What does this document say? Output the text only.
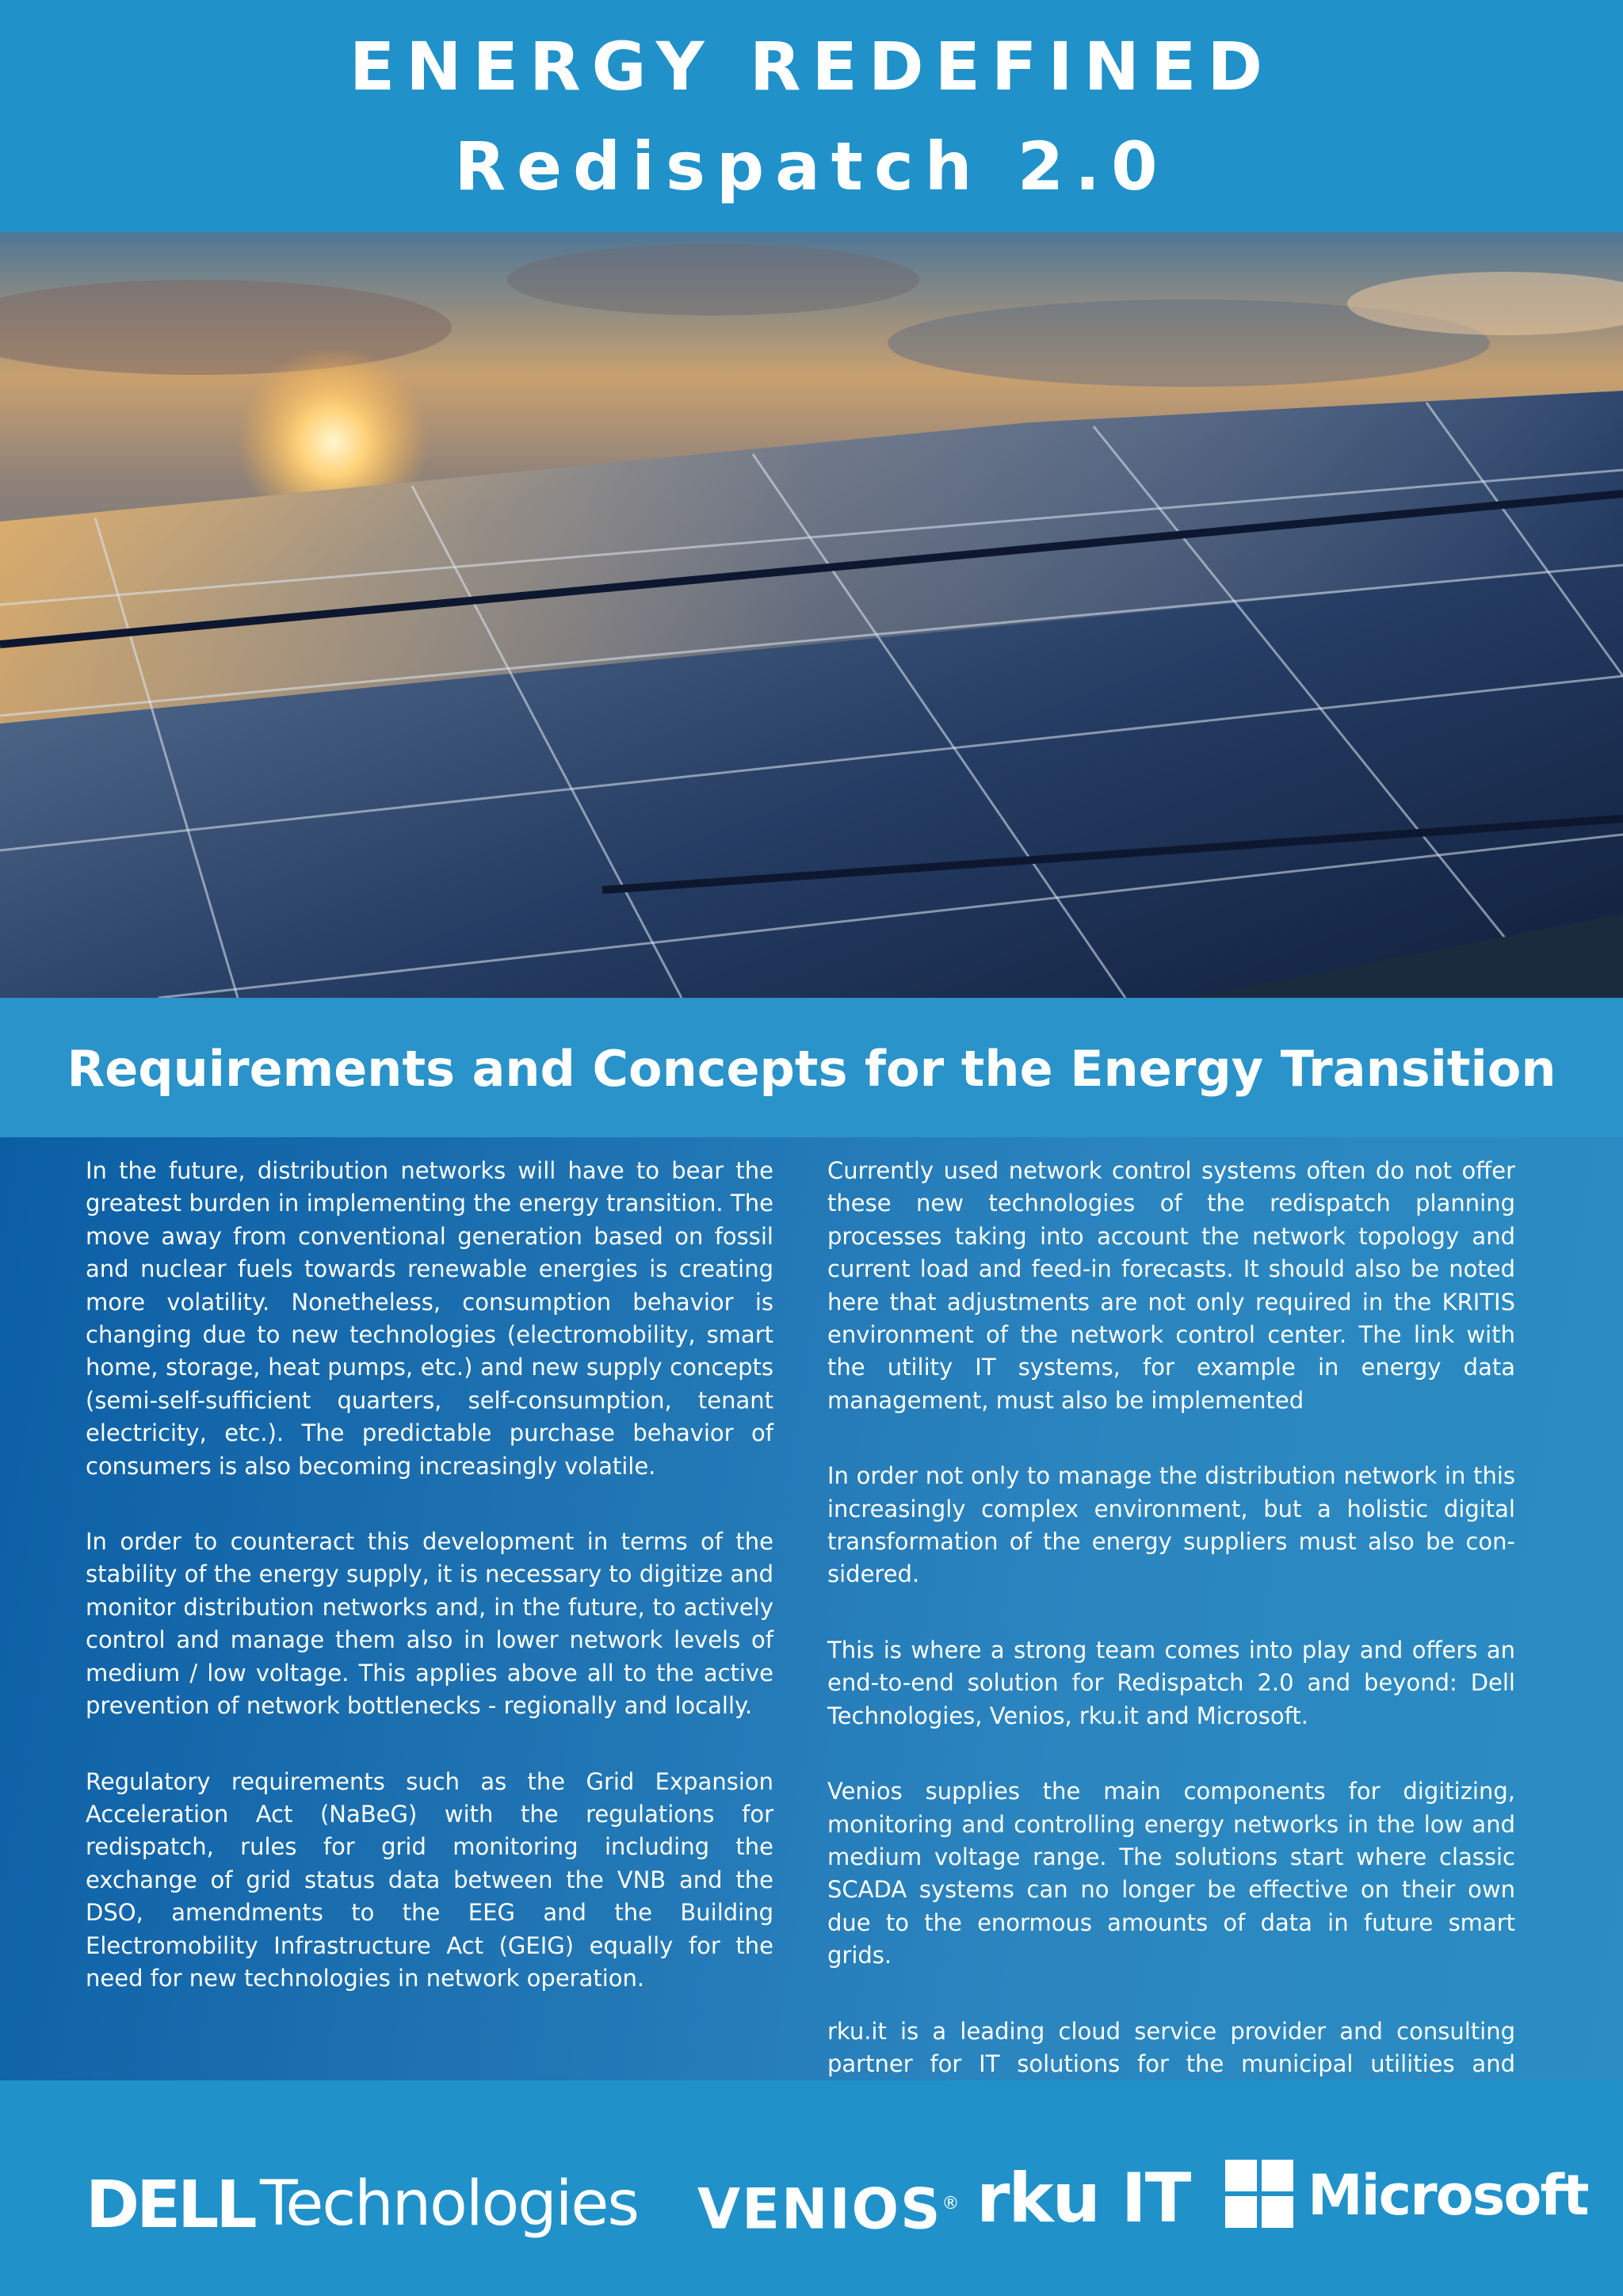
ENERGY REDEFINED
Redispatch 2.0
Requirements and Concepts for the Energy Transition

In the future, distribution networks will have to bear the greatest burden in implementing the energy transition. The move away from conventional generation based on fossil and nuclear fuels towards renewable energies is creating more volatility. Nonetheless, consumption behavior is changing due to new technologies (electromobility, smart home, storage, heat pumps, etc.) and new supply concepts (semi-self-sufficient quarters, self-consumption, tenant electricity, etc.). The predictable purchase behavior of consumers is also becoming increasingly volatile.

In order to counteract this development in terms of the stability of the energy supply, it is necessary to digitize and monitor distribution networks and, in the future, to actively control and manage them also in lower network levels of medium / low voltage. This applies above all to the active prevention of network bottlenecks - regionally and locally.

Regulatory requirements such as the Grid Expansion Acceleration Act (NaBeG) with the regulations for redispatch, rules for grid monitoring including the exchange of grid status data between the VNB and the DSO, amendments to the EEG and the Building Electromobility Infrastructure Act (GEIG) equally for the need for new technologies in network operation.

Currently used network control systems often do not offer these new technologies of the redispatch planning processes taking into account the network topology and current load and feed-in forecasts. It should also be noted here that adjustments are not only required in the KRITIS environment of the network control center. The link with the utility IT systems, for example in energy data management, must also be implemented

In order not only to manage the distribution network in this increasingly complex environment, but a holistic digital transformation of the energy suppliers must also be con-sidered.

This is where a strong team comes into play and offers an end-to-end solution for Redispatch 2.0 and beyond: Dell Technologies, Venios, rku.it and Microsoft.

Venios supplies the main components for digitizing, monitoring and controlling energy networks in the low and medium voltage range. The solutions start where classic SCADA systems can no longer be effective on their own due to the enormous amounts of data in future smart grids.

rku.it is a leading cloud service provider and consulting partner for IT solutions for the municipal utilities and

DELL Technologies VENIOS® rku IT Microsoft
